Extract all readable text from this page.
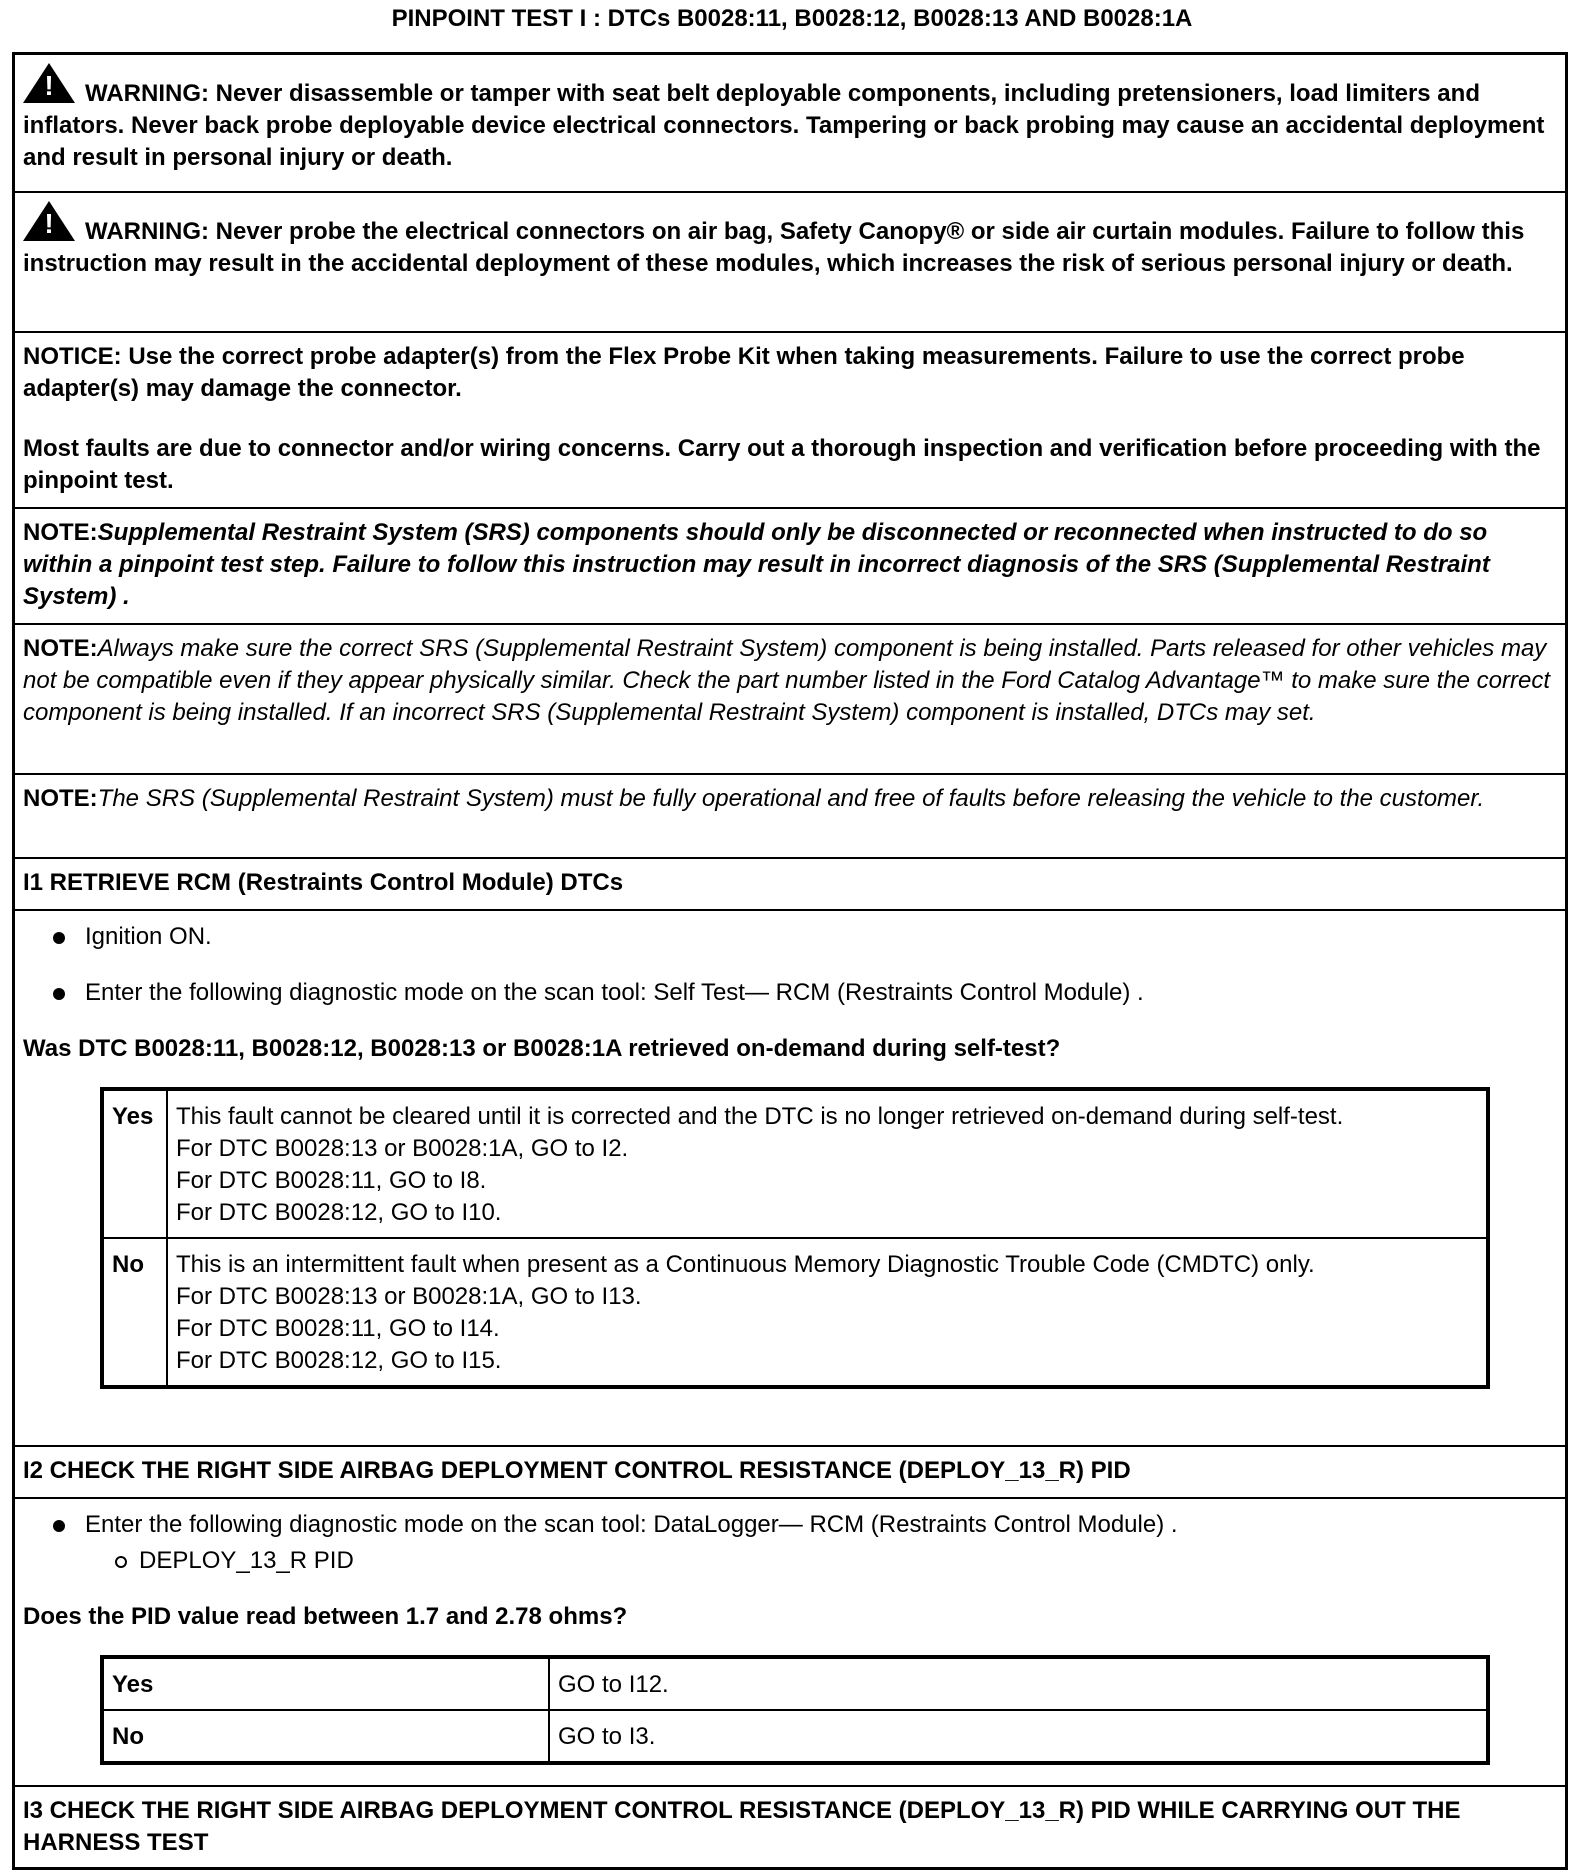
PINPOINT TEST I : DTCs B0028:11, B0028:12, B0028:13 AND B0028:1A
! WARNING: Never disassemble or tamper with seat belt deployable components, including pretensioners, load limiters and inflators. Never back probe deployable device electrical connectors. Tampering or back probing may cause an accidental deployment and result in personal injury or death.
! WARNING: Never probe the electrical connectors on air bag, Safety Canopy® or side air curtain modules. Failure to follow this instruction may result in the accidental deployment of these modules, which increases the risk of serious personal injury or death.

NOTICE: Use the correct probe adapter(s) from the Flex Probe Kit when taking measurements. Failure to use the correct probe adapter(s) may damage the connector.

Most faults are due to connector and/or wiring concerns. Carry out a thorough inspection and verification before proceeding with the pinpoint test.

NOTE:Supplemental Restraint System (SRS) components should only be disconnected or reconnected when instructed to do so within a pinpoint test step. Failure to follow this instruction may result in incorrect diagnosis of the SRS (Supplemental Restraint System) .
NOTE:Always make sure the correct SRS (Supplemental Restraint System) component is being installed. Parts released for other vehicles may not be compatible even if they appear physically similar. Check the part number listed in the Ford Catalog Advantage™ to make sure the correct component is being installed. If an incorrect SRS (Supplemental Restraint System) component is installed, DTCs may set.
NOTE:The SRS (Supplemental Restraint System) must be fully operational and free of faults before releasing the vehicle to the customer.
I1 RETRIEVE RCM (Restraints Control Module) DTCs
Ignition ON.
Enter the following diagnostic mode on the scan tool: Self Test— RCM (Restraints Control Module) .
Was DTC B0028:11, B0028:12, B0028:13 or B0028:1A retrieved on-demand during self-test?
Yes	This fault cannot be cleared until it is corrected and the DTC is no longer retrieved on-demand during self-test.
For DTC B0028:13 or B0028:1A, GO to I2.
For DTC B0028:11, GO to I8.
For DTC B0028:12, GO to I10.

No	This is an intermittent fault when present as a Continuous Memory Diagnostic Trouble Code (CMDTC) only.
For DTC B0028:13 or B0028:1A, GO to I13.
For DTC B0028:11, GO to I14.
For DTC B0028:12, GO to I15.
I2 CHECK THE RIGHT SIDE AIRBAG DEPLOYMENT CONTROL RESISTANCE (DEPLOY_13_R) PID
Enter the following diagnostic mode on the scan tool: DataLogger— RCM (Restraints Control Module) .
DEPLOY_13_R PID
Does the PID value read between 1.7 and 2.78 ohms?
Yes	GO to I12.
No	GO to I3.
I3 CHECK THE RIGHT SIDE AIRBAG DEPLOYMENT CONTROL RESISTANCE (DEPLOY_13_R) PID WHILE CARRYING OUT THE HARNESS TEST
